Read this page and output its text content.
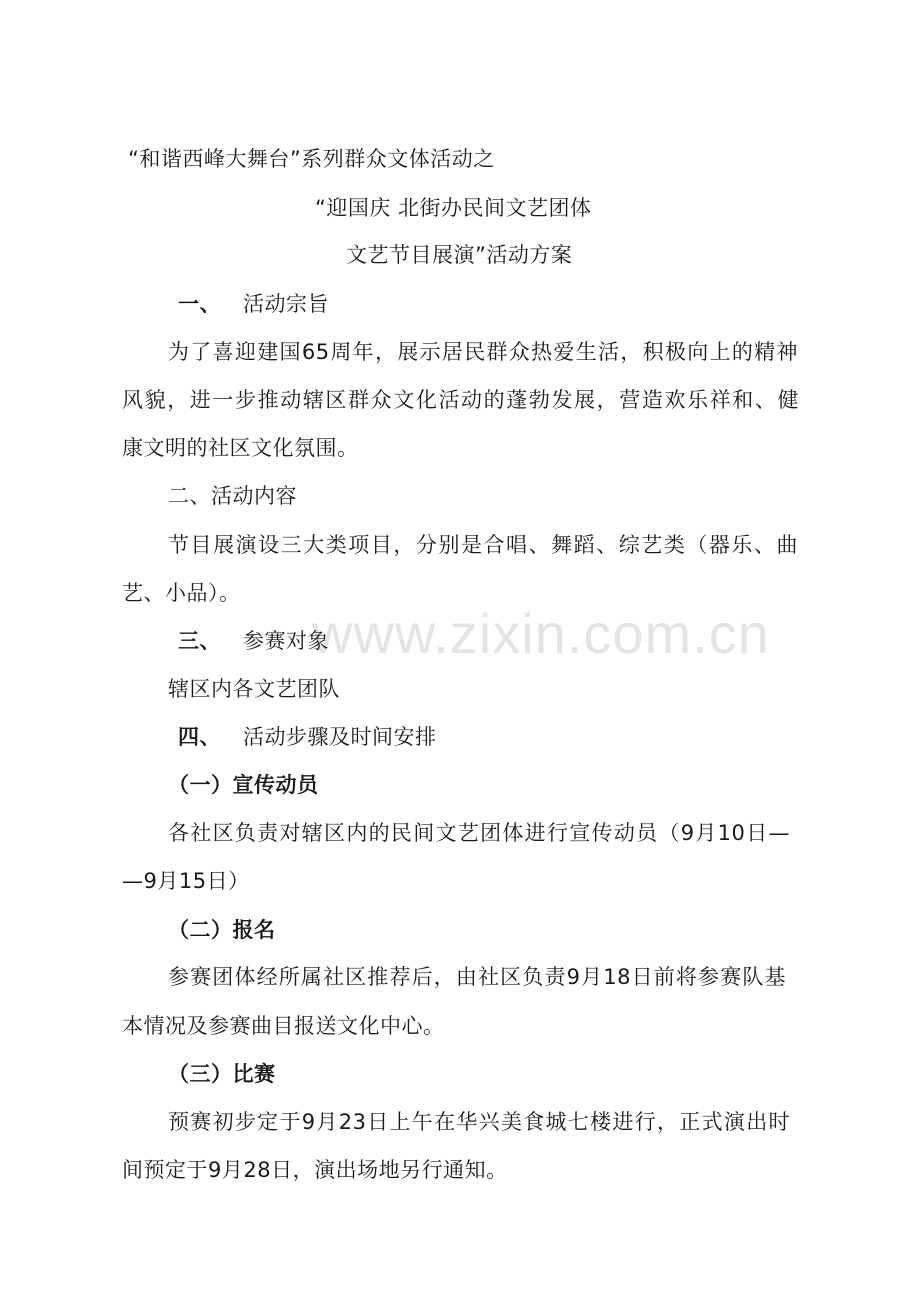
www.zixin.com.cn
“和谐西峰大舞台”系列群众文体活动之
“迎国庆 北街办民间文艺团体
文艺节目展演”活动方案
一、 活动宗旨
为了喜迎建国65周年，展示居民群众热爱生活，积极向上的精神
风貌，进一步推动辖区群众文化活动的蓬勃发展，营造欢乐祥和、健
康文明的社区文化氛围。
二、活动内容
节目展演设三大类项目，分别是合唱、舞蹈、综艺类（器乐、曲
艺、小品）。
三、 参赛对象
辖区内各文艺团队
四、 活动步骤及时间安排
（一）宣传动员
各社区负责对辖区内的民间文艺团体进行宣传动员（9月10日—
—9月15日）
（二）报名
参赛团体经所属社区推荐后，由社区负责9月18日前将参赛队基
本情况及参赛曲目报送文化中心。
（三）比赛
预赛初步定于9月23日上午在华兴美食城七楼进行，正式演出时
间预定于9月28日，演出场地另行通知。
